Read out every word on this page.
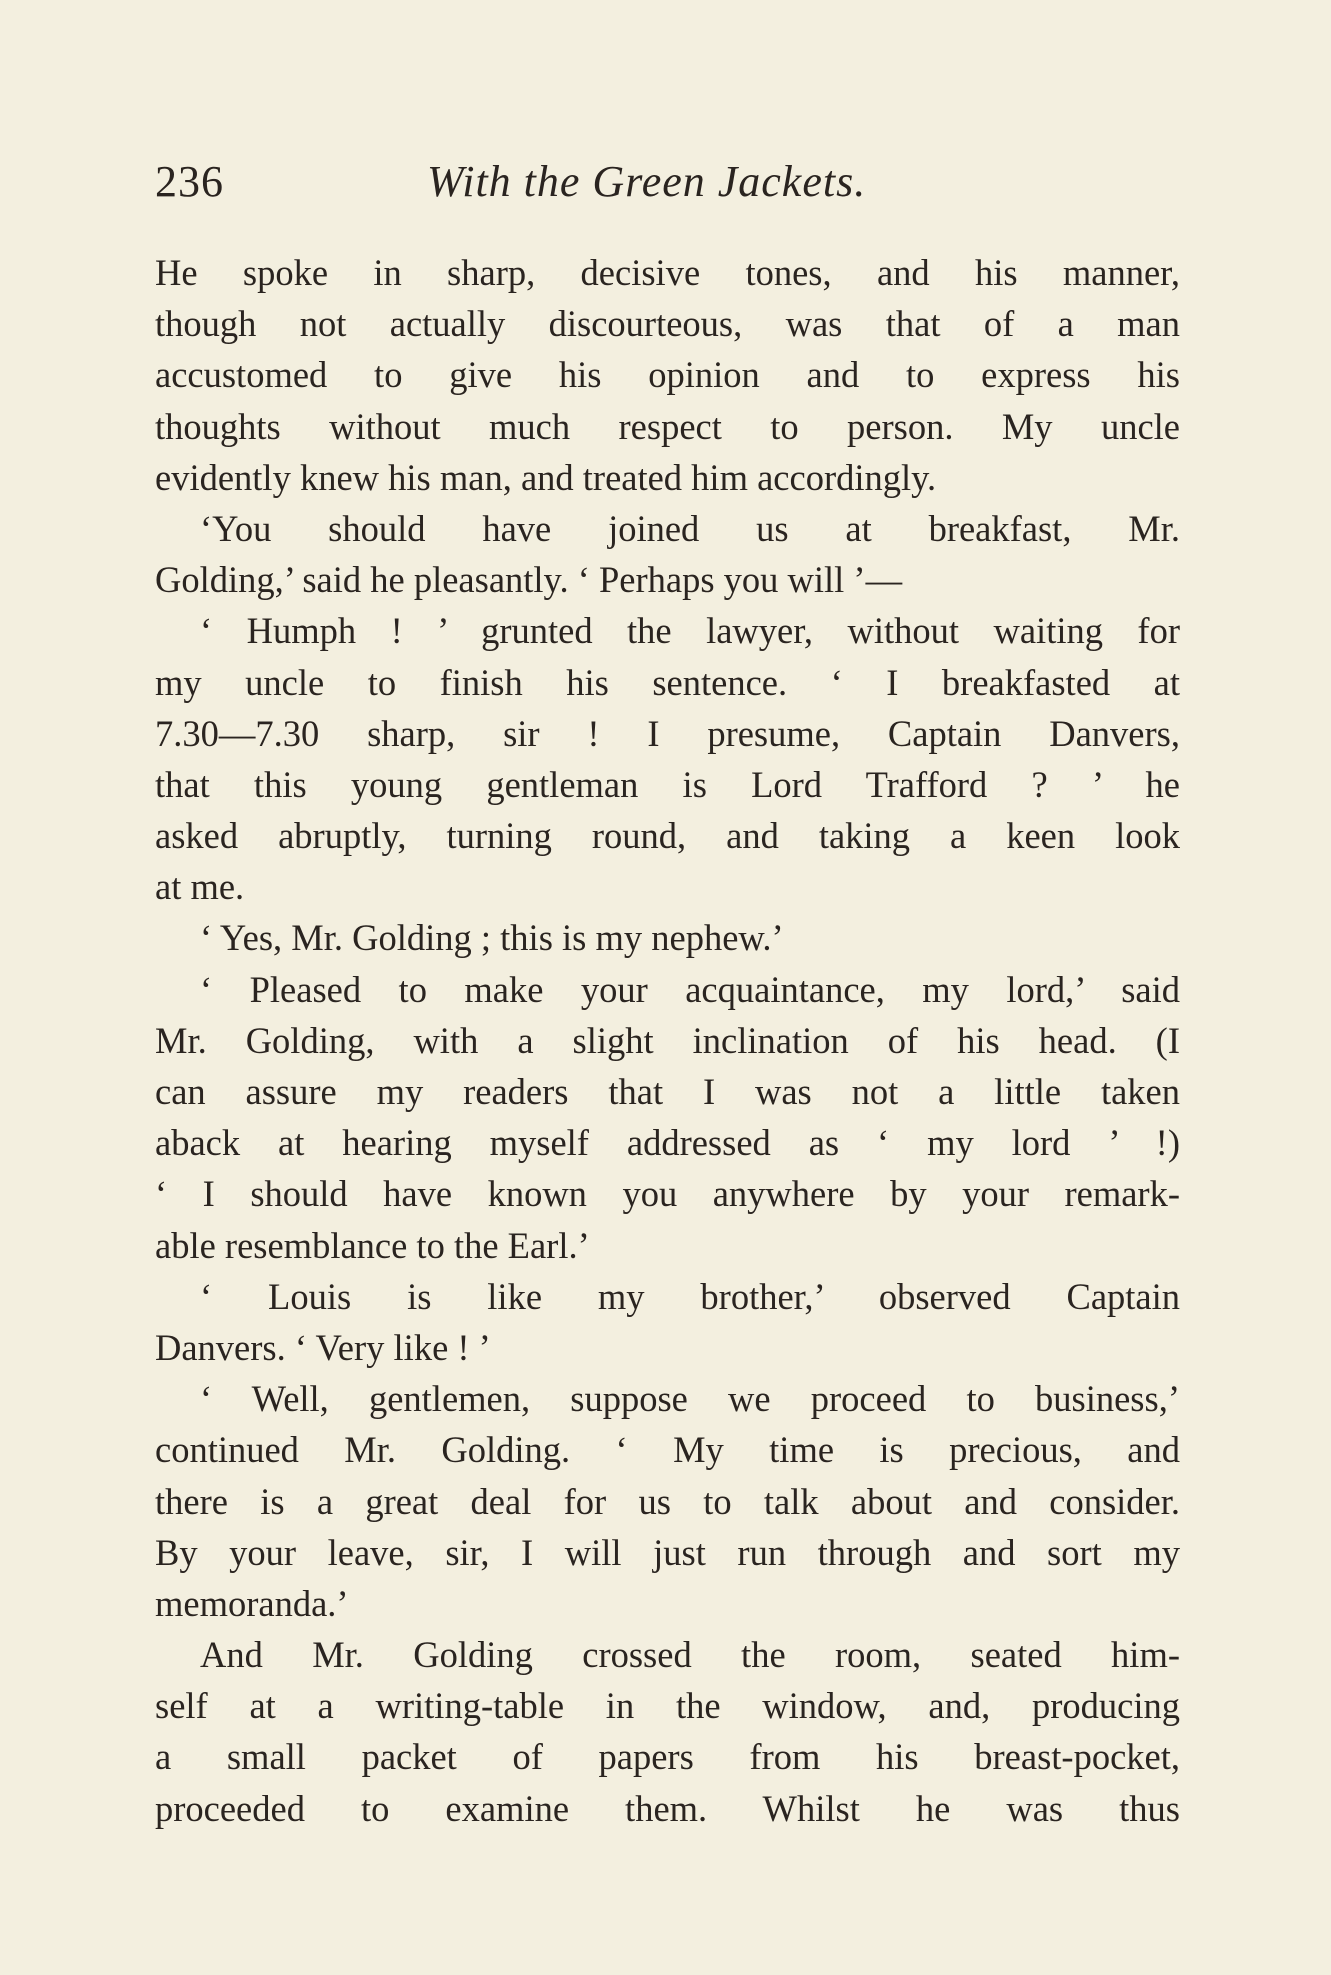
236	With the Green Jackets.
He spoke in sharp, decisive tones, and his manner,
though not actually discourteous, was that of a man
accustomed to give his opinion and to express his
thoughts without much respect to person. My uncle
evidently knew his man, and treated him accordingly.
‘You should have joined us at breakfast, Mr.
Golding,’ said he pleasantly. ‘ Perhaps you will ’—
‘ Humph ! ’ grunted the lawyer, without waiting for
my uncle to finish his sentence. ‘ I breakfasted at
7.30—7.30 sharp, sir ! I presume, Captain Danvers,
that this young gentleman is Lord Trafford ? ’ he
asked abruptly, turning round, and taking a keen look
at me.
‘ Yes, Mr. Golding ; this is my nephew.’
‘ Pleased to make your acquaintance, my lord,’ said
Mr. Golding, with a slight inclination of his head. (I
can assure my readers that I was not a little taken
aback at hearing myself addressed as ‘ my lord ’ !)
‘ I should have known you anywhere by your remark-
able resemblance to the Earl.’
‘ Louis is like my brother,’ observed Captain
Danvers. ‘ Very like ! ’
‘ Well, gentlemen, suppose we proceed to business,’
continued Mr. Golding. ‘ My time is precious, and
there is a great deal for us to talk about and consider.
By your leave, sir, I will just run through and sort my
memoranda.’
And Mr. Golding crossed the room, seated him-
self at a writing-table in the window, and, producing
a small packet of papers from his breast-pocket,
proceeded to examine them. Whilst he was thus
